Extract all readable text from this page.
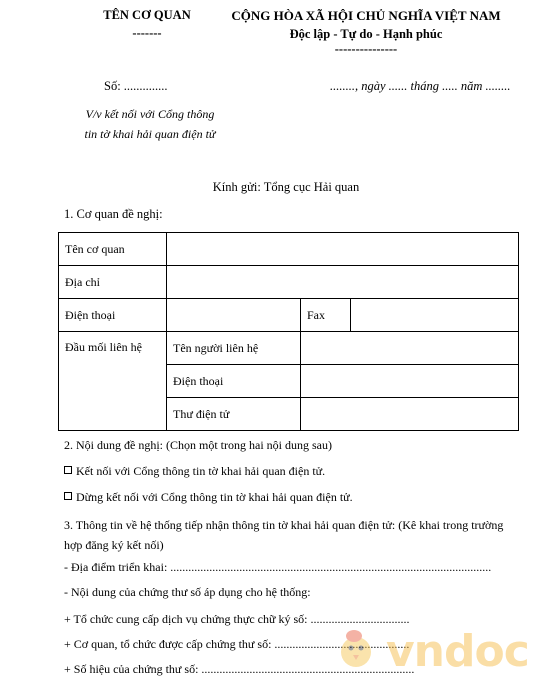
TÊN CƠ QUAN
-------
CỘNG HÒA XÃ HỘI CHỦ NGHĨA VIỆT NAM
Độc lập - Tự do - Hạnh phúc
---------------
Số: ..............	........, ngày ...... tháng ..... năm ........
V/v kết nối với Cổng thông
tin tờ khai hải quan điện tử
Kính gửi: Tổng cục Hải quan
1. Cơ quan đề nghị:
Tên cơ quan			
Địa chỉ			
Điện thoại		Fax	
Đầu mối liên hệ	Tên người liên hệ		
	Điện thoại		
	Thư điện tử		
2. Nội dung đề nghị: (Chọn một trong hai nội dung sau)
Kết nối với Cổng thông tin tờ khai hải quan điện tử.
Dừng kết nối với Cổng thông tin tờ khai hải quan điện tử.
3. Thông tin về hệ thống tiếp nhận thông tin tờ khai hải quan điện tử: (Kê khai trong trường hợp đăng ký kết nối)
- Địa điểm triển khai: ...........................................................................................................
- Nội dung của chứng thư số áp dụng cho hệ thống:
+ Tổ chức cung cấp dịch vụ chứng thực chữ ký số: .................................
+ Cơ quan, tổ chức được cấp chứng thư số: .............................................
+ Số hiệu của chứng thư số: .......................................................................
vndoc
